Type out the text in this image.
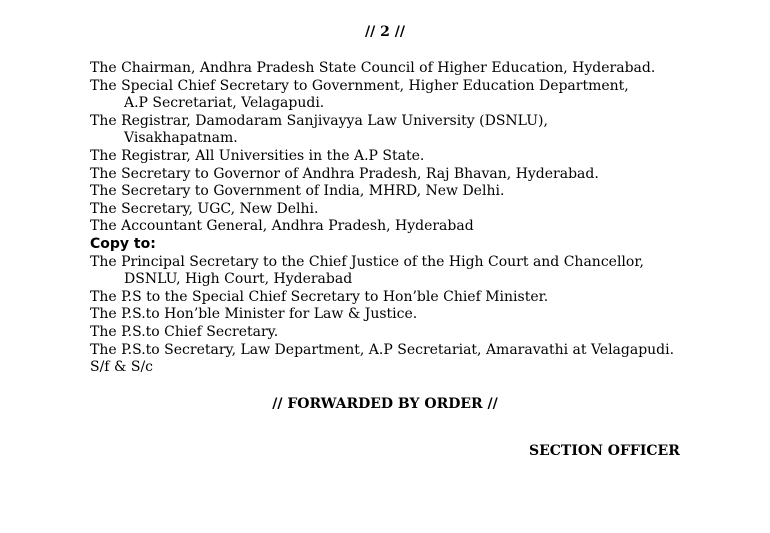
// 2 //
The Chairman, Andhra Pradesh State Council of Higher Education, Hyderabad.
The Special Chief Secretary to Government, Higher Education Department,
A.P Secretariat, Velagapudi.
The Registrar, Damodaram Sanjivayya Law University (DSNLU),
Visakhapatnam.
The Registrar, All Universities in the A.P State.
The Secretary to Governor of Andhra Pradesh, Raj Bhavan, Hyderabad.
The Secretary to Government of India, MHRD, New Delhi.
The Secretary, UGC, New Delhi.
The Accountant General, Andhra Pradesh, Hyderabad
Copy to:
The Principal Secretary to the Chief Justice of the High Court and Chancellor,
DSNLU, High Court, Hyderabad
The P.S to the Special Chief Secretary to Hon’ble Chief Minister.
The P.S.to Hon’ble Minister for Law & Justice.
The P.S.to Chief Secretary.
The P.S.to Secretary, Law Department, A.P Secretariat, Amaravathi at Velagapudi.
S/f & S/c
// FORWARDED BY ORDER //
SECTION OFFICER
